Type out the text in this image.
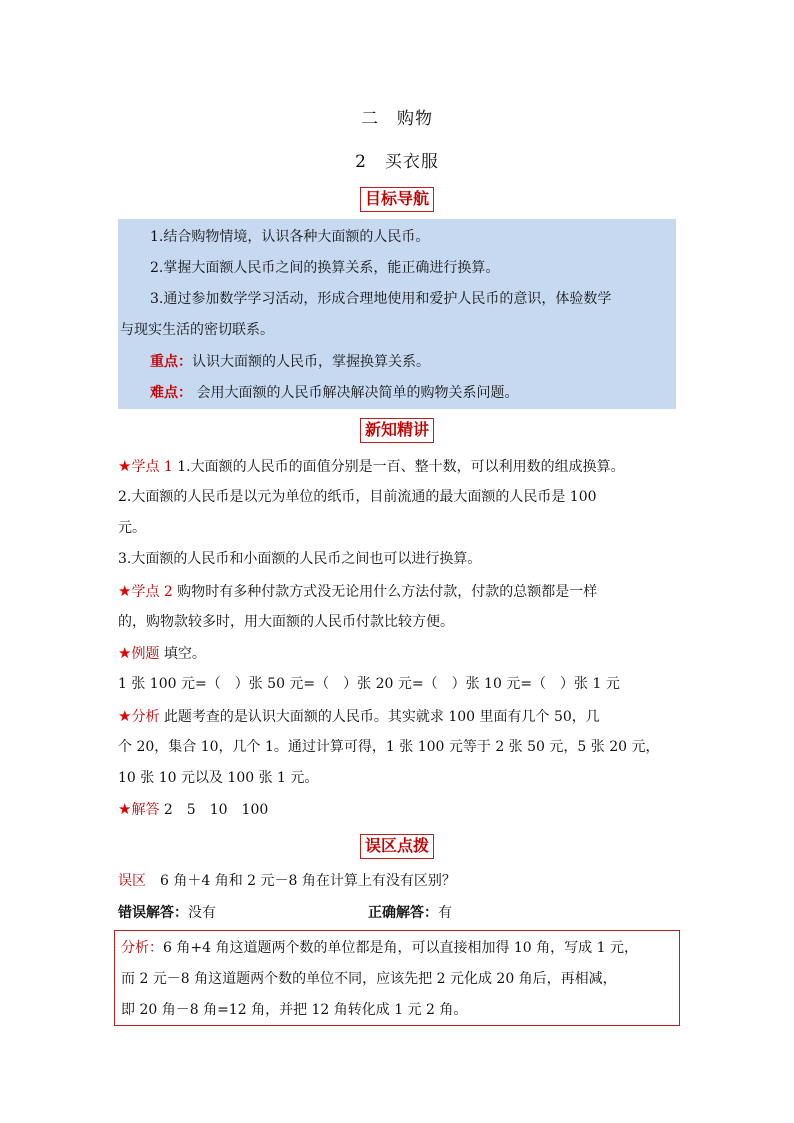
二　购物
2　买衣服
目标导航
1.结合购物情境，认识各种大面额的人民币。
2.掌握大面额人民币之间的换算关系，能正确进行换算。
3.通过参加数学学习活动，形成合理地使用和爱护人民币的意识，体验数学
与现实生活的密切联系。
重点：认识大面额的人民币，掌握换算关系。
难点： 会用大面额的人民币解决解决简单的购物关系问题。
新知精讲
★学点 1 1.大面额的人民币的面值分别是一百、整十数，可以利用数的组成换算。
2.大面额的人民币是以元为单位的纸币，目前流通的最大面额的人民币是 100
元。
3.大面额的人民币和小面额的人民币之间也可以进行换算。
★学点 2 购物时有多种付款方式没无论用什么方法付款，付款的总额都是一样
的，购物款较多时，用大面额的人民币付款比较方便。
★例题 填空。
1 张 100 元=（　）张 50 元=（　）张 20 元=（　）张 10 元=（　）张 1 元
★分析 此题考查的是认识大面额的人民币。其实就求 100 里面有几个 50，几
个 20，集合 10，几个 1。通过计算可得，1 张 100 元等于 2 张 50 元，5 张 20 元，
10 张 10 元以及 100 张 1 元。
★解答 2　5　10　100
误区点拨
误区　6 角＋4 角和 2 元－8 角在计算上有没有区别？
错误解答：没有	正确解答：有
分析：6 角+4 角这道题两个数的单位都是角，可以直接相加得 10 角，写成 1 元，
而 2 元－8 角这道题两个数的单位不同，应该先把 2 元化成 20 角后，再相减，
即 20 角－8 角=12 角，并把 12 角转化成 1 元 2 角。
